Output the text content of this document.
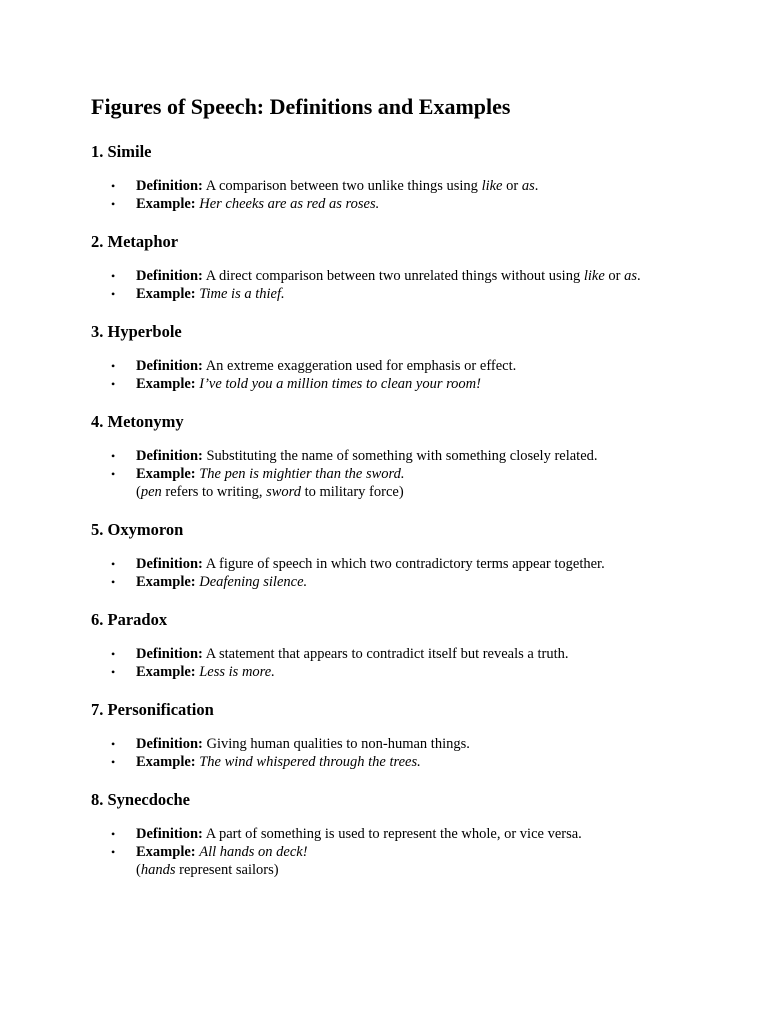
Figures of Speech: Definitions and Examples
1. Simile
• Definition: A comparison between two unlike things using like or as.
• Example: Her cheeks are as red as roses.
2. Metaphor
• Definition: A direct comparison between two unrelated things without using like or as.
• Example: Time is a thief.
3. Hyperbole
• Definition: An extreme exaggeration used for emphasis or effect.
• Example: I’ve told you a million times to clean your room!
4. Metonymy
• Definition: Substituting the name of something with something closely related.
• Example: The pen is mightier than the sword.
(pen refers to writing, sword to military force)
5. Oxymoron
• Definition: A figure of speech in which two contradictory terms appear together.
• Example: Deafening silence.
6. Paradox
• Definition: A statement that appears to contradict itself but reveals a truth.
• Example: Less is more.
7. Personification
• Definition: Giving human qualities to non-human things.
• Example: The wind whispered through the trees.
8. Synecdoche
• Definition: A part of something is used to represent the whole, or vice versa.
• Example: All hands on deck!
(hands represent sailors)
